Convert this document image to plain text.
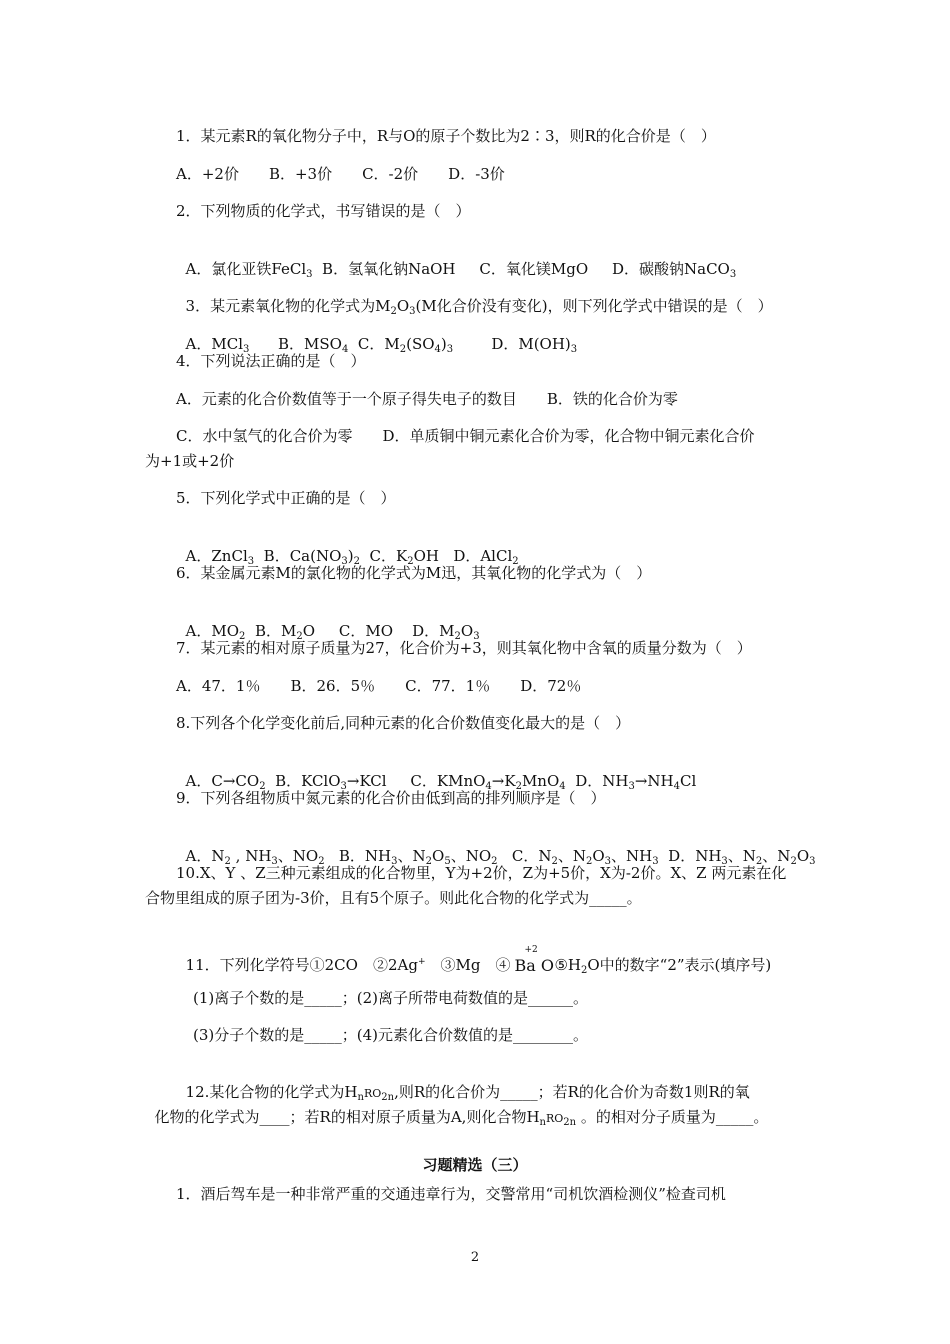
1．某元素R的氧化物分子中，R与O的原子个数比为2∶3，则R的化合价是（　）
A．+2价　　B．+3价　　C．-2价　　D．-3价
2．下列物质的化学式，书写错误的是（　）

A．氯化亚铁FeCl$_3$ B．氢氧化钠NaOH C．氧化镁MgO D．碳酸钠NaCO$_3$

3．某元素氧化物的化学式为$M_2O_3(M$化合价没有变化)，则下列化学式中错误的是（　）

A．MCl$_3$ B．$MSO_4$ C．$M_2(SO_4)_3$	D．$M(OH)_3$

4．下列说法正确的是（　）
A．元素的化合价数值等于一个原子得失电子的数目　　B．铁的化合价为零
C．水中氢气的化合价为零　　D．单质铜中铜元素化合价为零，化合物中铜元素化合价
为+1或+2价
5．下列化学式中正确的是（　）

A．ZnCl$_3$ B．$Ca(NO_3)_2$ C．$K_2OH$ D．AlCl$_2$

6．某金属元素M的氯化物的化学式为M迅，其氧化物的化学式为（　）

A．$MO_2$ B．$M_2O$ C．MO D．$M_2O_3$

7．某元素的相对原子质量为27，化合价为+3，则其氧化物中含氧的质量分数为（　）
A．47．1％　　B．26．5％　　C．77．1％　　D．72％
8.下列各个化学变化前后,同种元素的化合价数值变化最大的是（　）

A．$C\to CO_2$ B．KClO$_3$→KCl C．$KMnO_4\to K_2MnO_4$ D．$NH_3\to NH_4Cl$

9．下列各组物质中氮元素的化合价由低到高的排列顺序是（　）

A．$N_2$ , $NH_3$、$NO_2$ B．$NH_3$、$N_2O_5$、$NO_2$ C．$N_2$、$N_2O_3$、$NH_3$ D．$NH_3$、$N_2$、$N_2O_3$

10.X、Y 、Z三种元素组成的化合物里，Y为+2价，Z为+5价，X为-2价。X、Z 两元素在化
合物里组成的原子团为-3价，且有5个原子。则此化合物的化学式为_____。

11．下列化学符号①2CO　②2Ag+　③Mg　④
+2
Ba O $⑤H_2O$中的数字“2”表示(填序号)

(1)离子个数的是_____；(2)离子所带电荷数值的是______。
(3)分子个数的是_____；(4)元素化合价数值的是________。

12.某化合物的化学式为$H_nRO_{2n}$,则R的化合价为_____；若R的化合价为奇数1则R的氧

化物的化学式为____；若R的相对原子质量为A,则化合物$H_nRO_{2n}$ 。的相对分子质量为_____。

习题精选（三）
1．酒后驾车是一种非常严重的交通违章行为，交警常用“司机饮酒检测仪”检查司机
2
